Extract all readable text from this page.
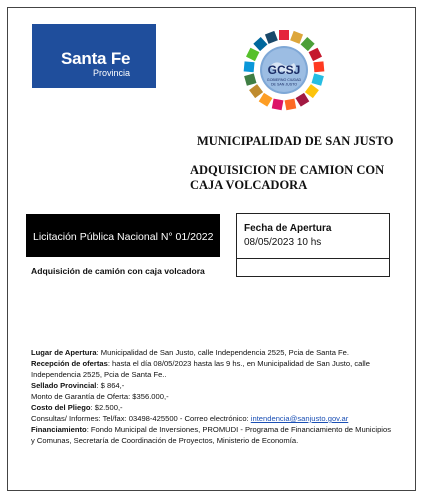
Santa Fe
Provincia	GCSJ
GOBIERNO CIUDAD
DE SAN JUSTO
MUNICIPALIDAD DE SAN JUSTO
ADQUISICION DE CAMION CON
CAJA VOLCADORA
Licitación Pública Nacional N° 01/2022
Fecha de Apertura
08/05/2023 10 hs
Adquisición de camión con caja volcadora

Lugar de Apertura: Municipalidad de San Justo, calle Independencia 2525, Pcia de Santa Fe.

Recepción de ofertas: hasta el día 08/05/2023 hasta las 9 hs., en Municipalidad de San Justo, calle Independencia 2525, Pcia de Santa Fe..

Sellado Provincial: $ 864,-

Monto de Garantía de Oferta: $356.000,-

Costo del Pliego: $2.500,-

Consultas/ Informes: Tel/fax: 03498-425500 - Correo electrónico: intendencia@sanjusto.gov.ar

Financiamiento: Fondo Municipal de Inversiones, PROMUDI - Programa de Financiamiento de Municipios y Comunas, Secretaría de Coordinación de Proyectos, Ministerio de Economía.
